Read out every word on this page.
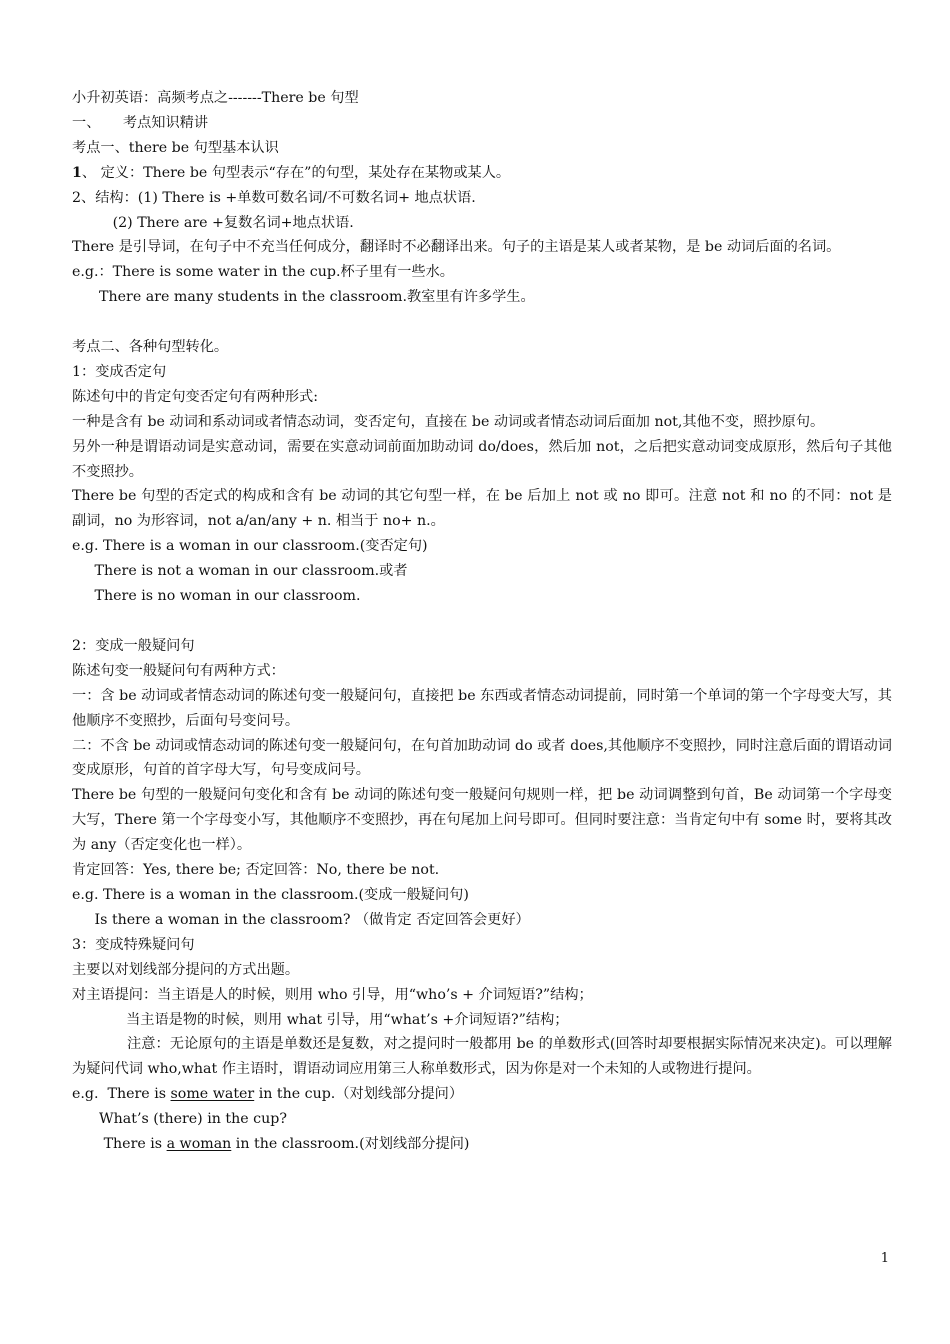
小升初英语：高频考点之-------There be 句型
一、     考点知识精讲
考点一、there be 句型基本认识
1、 定义：There be 句型表示“存在”的句型，某处存在某物或某人。
2、结构：(1) There is +单数可数名词/不可数名词+ 地点状语.
(2) There are +复数名词+地点状语.
There 是引导词，在句子中不充当任何成分，翻译时不必翻译出来。句子的主语是某人或者某物，是 be 动词后面的名词。
e.g.：There is some water in the cup.杯子里有一些水。
There are many students in the classroom.教室里有许多学生。
考点二、各种句型转化。
1：变成否定句
陈述句中的肯定句变否定句有两种形式:
一种是含有 be 动词和系动词或者情态动词，变否定句，直接在 be 动词或者情态动词后面加 not,其他不变，照抄原句。
另外一种是谓语动词是实意动词，需要在实意动词前面加助动词 do/does，然后加 not，之后把实意动词变成原形，然后句子其他不变照抄。
There be 句型的否定式的构成和含有 be 动词的其它句型一样，在 be 后加上 not 或 no 即可。注意 not 和 no 的不同：not 是副词，no 为形容词，not a/an/any + n. 相当于 no+ n.。
e.g. There is a woman in our classroom.(变否定句)
There is not a woman in our classroom.或者
There is no woman in our classroom.
2：变成一般疑问句
陈述句变一般疑问句有两种方式：
一：含 be 动词或者情态动词的陈述句变一般疑问句，直接把 be 东西或者情态动词提前，同时第一个单词的第一个字母变大写，其他顺序不变照抄，后面句号变问号。
二：不含 be 动词或情态动词的陈述句变一般疑问句，在句首加助动词 do 或者 does,其他顺序不变照抄，同时注意后面的谓语动词变成原形，句首的首字母大写，句号变成问号。
There be 句型的一般疑问句变化和含有 be 动词的陈述句变一般疑问句规则一样，把 be 动词调整到句首，Be 动词第一个字母变大写，There 第一个字母变小写，其他顺序不变照抄，再在句尾加上问号即可。但同时要注意：当肯定句中有 some 时，要将其改为 any（否定变化也一样）。
肯定回答：Yes, there be; 否定回答：No, there be not.
e.g. There is a woman in the classroom.(变成一般疑问句)
Is there a woman in the classroom? （做肯定 否定回答会更好）
3：变成特殊疑问句
主要以对划线部分提问的方式出题。
对主语提问：当主语是人的时候，则用 who 引导，用“who’s + 介词短语?”结构；
当主语是物的时候，则用 what 引导，用“what’s +介词短语?”结构；
注意：无论原句的主语是单数还是复数，对之提问时一般都用 be 的单数形式(回答时却要根据实际情况来决定)。可以理解为疑问代词 who,what 作主语时，谓语动词应用第三人称单数形式，因为你是对一个未知的人或物进行提问。
e.g.  There is some water in the cup.（对划线部分提问）
What’s (there) in the cup?
There is a woman in the classroom.(对划线部分提问)
1
